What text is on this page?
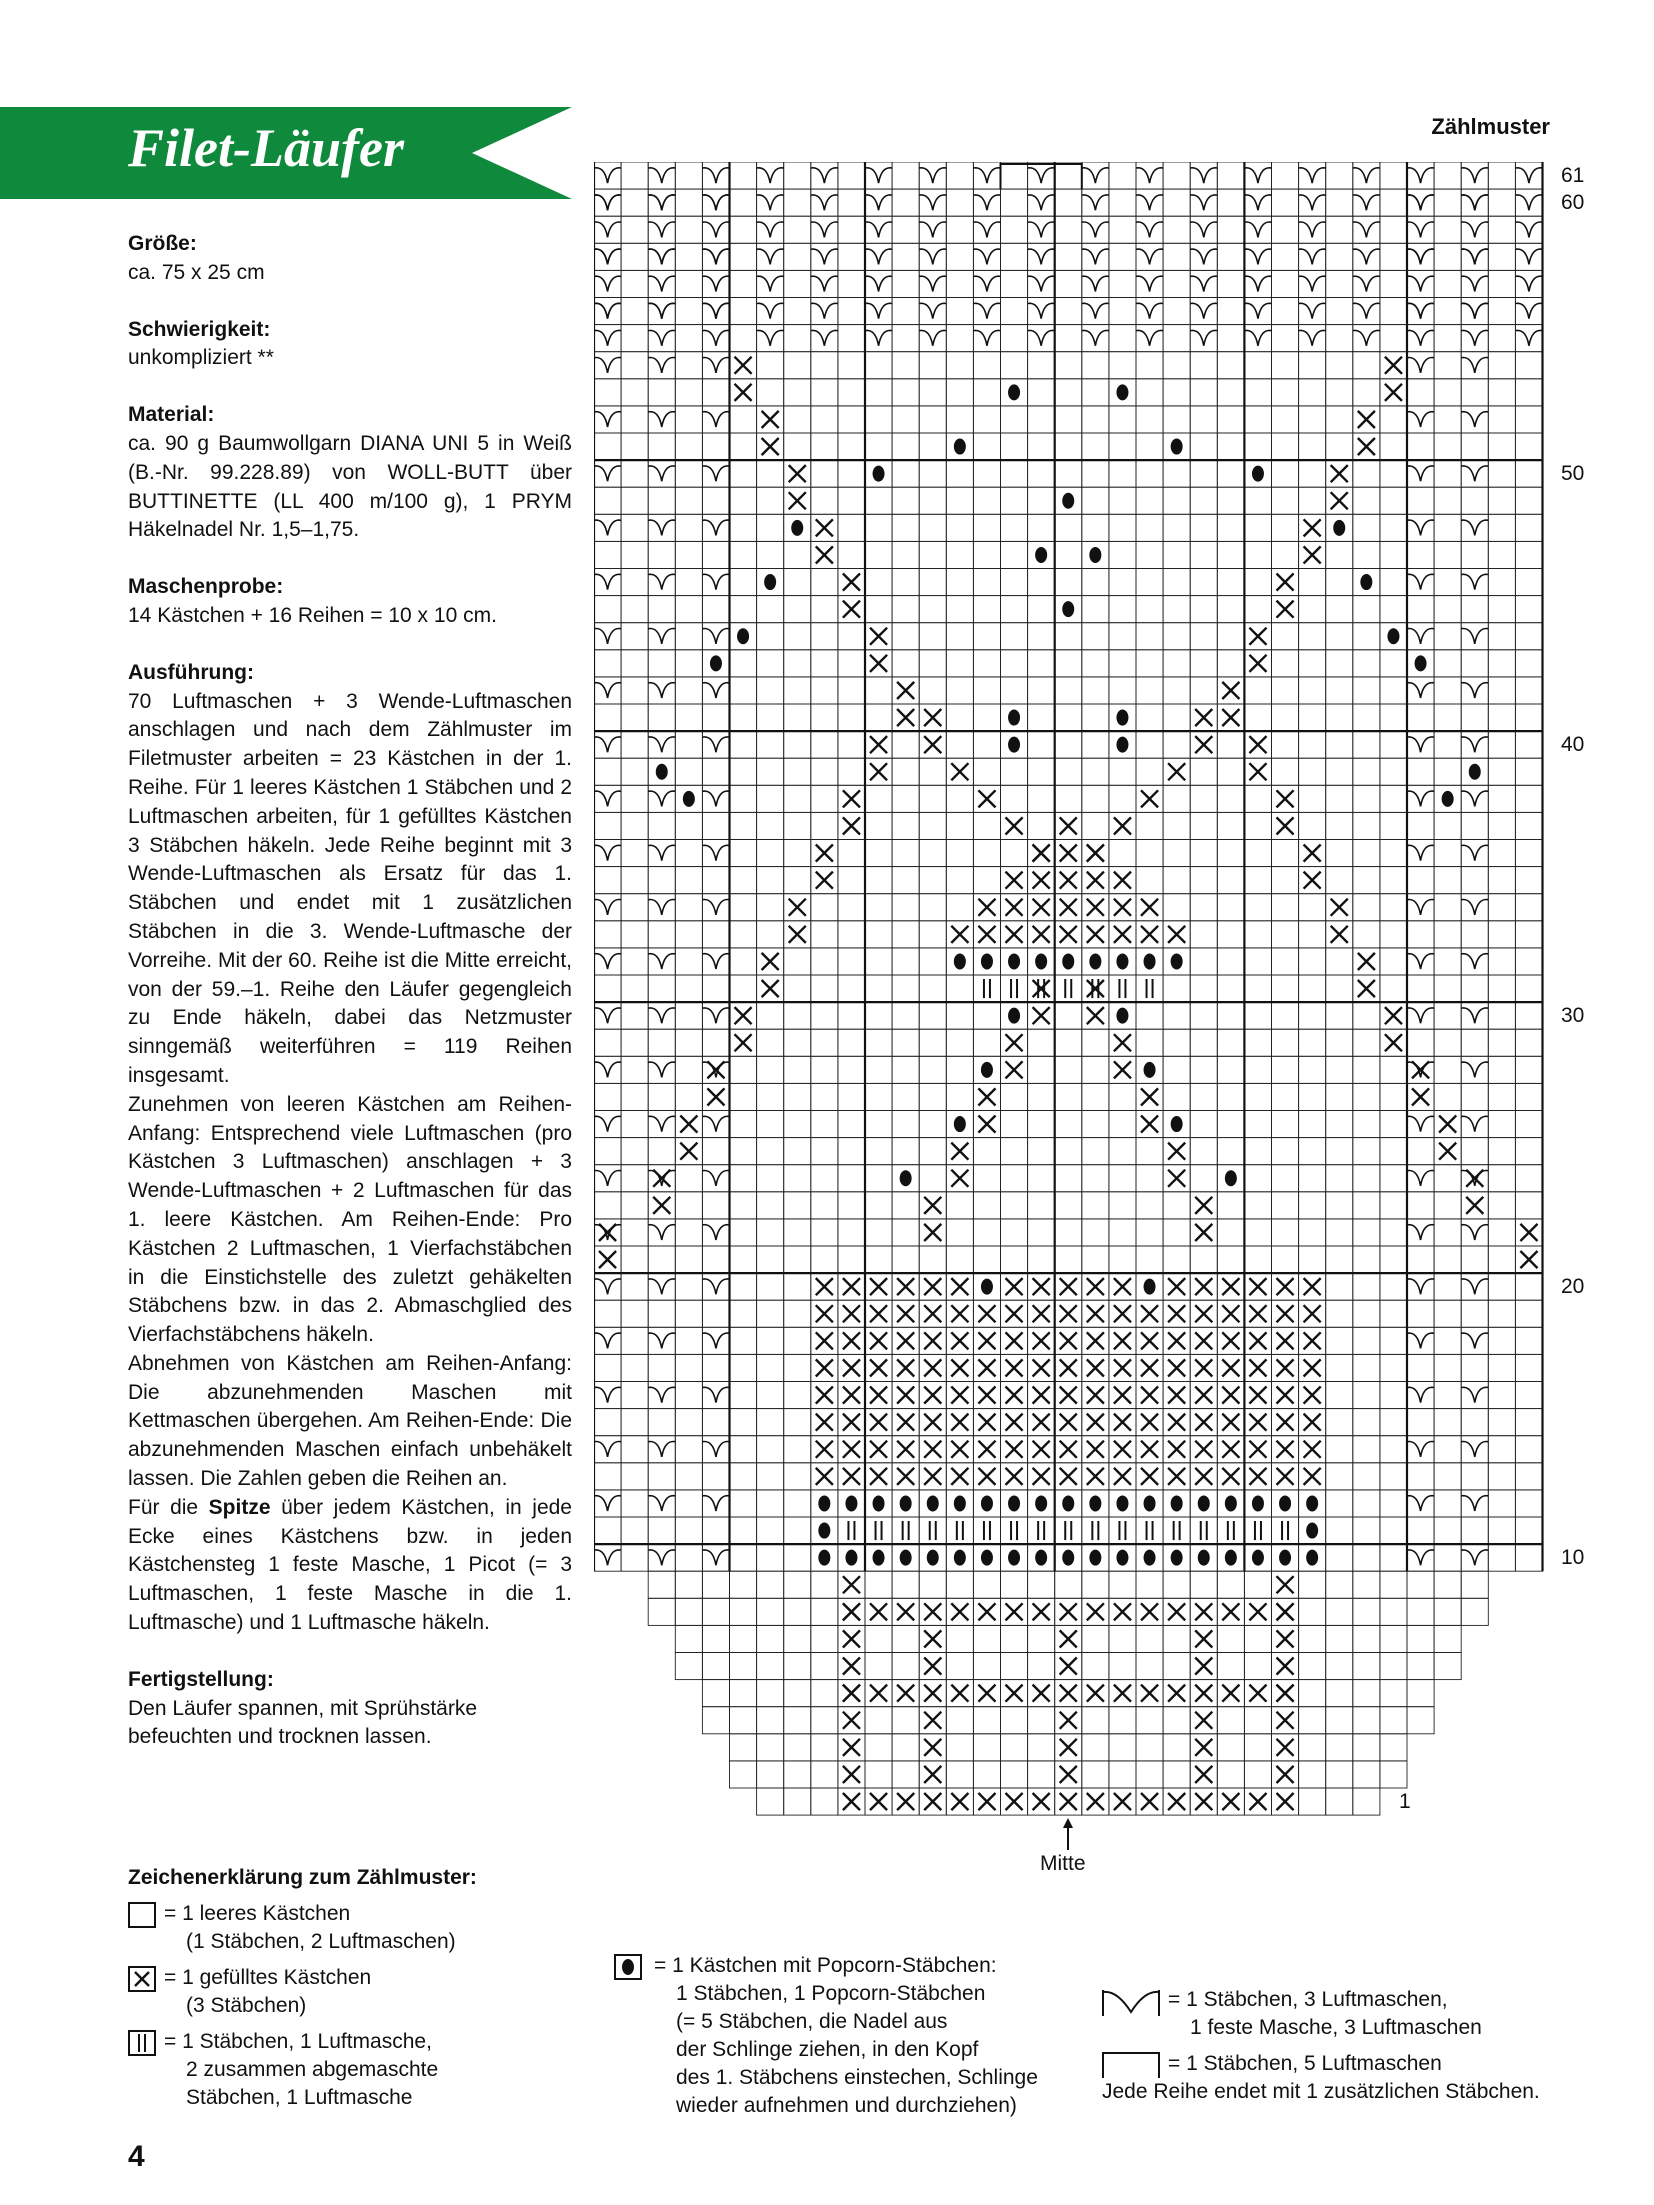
Filet-Läufer
Größe:
ca. 75 x 25 cm
Schwierigkeit:
unkompliziert **
Material:
ca. 90 g Baumwollgarn DIANA UNI 5 in Weiß (B.-Nr. 99.228.89) von WOLL-BUTT über BUTTINETTE (LL 400 m/100 g), 1 PRYM Häkelnadel Nr. 1,5–1,75.
Maschenprobe:
14 Kästchen + 16 Reihen = 10 x 10 cm.
Ausführung:

70 Luftmaschen + 3 Wende-Luftmaschen anschlagen und nach dem Zählmuster im Filetmuster arbeiten = 23 Kästchen in der 1. Reihe. Für 1 leeres Kästchen 1 Stäbchen und 2 Luftmaschen arbeiten, für 1 gefülltes Kästchen 3 Stäbchen häkeln. Jede Reihe beginnt mit 3 Wende-Luftmaschen als Ersatz für das 1. Stäbchen und endet mit 1 zusätzlichen Stäbchen in die 3. Wende-Luftmasche der Vorreihe. Mit der 60. Reihe ist die Mitte erreicht, von der 59.–1. Reihe den Läufer gegengleich zu Ende häkeln, dabei das Netzmuster sinngemäß weiterführen = 119 Reihen insgesamt.

Zunehmen von leeren Kästchen am Reihen-Anfang: Entsprechend viele Luftmaschen (pro Kästchen 3 Luftmaschen) anschlagen + 3 Wende-Luftmaschen + 2 Luftmaschen für das 1. leere Kästchen. Am Reihen-Ende: Pro Kästchen 2 Luftmaschen, 1 Vierfachstäbchen in die Einstichstelle des zuletzt gehäkelten Stäbchens bzw. in das 2. Abmaschglied des Vierfachstäbchens häkeln.

Abnehmen von Kästchen am Reihen-Anfang: Die abzunehmenden Maschen mit Kettmaschen übergehen. Am Reihen-Ende: Die abzunehmenden Maschen einfach unbehäkelt lassen. Die Zahlen geben die Reihen an.

Für die Spitze über jedem Kästchen, in jede Ecke eines Kästchens bzw. in jeden Kästchensteg 1 feste Masche, 1 Picot (= 3 Luftmaschen, 1 feste Masche in die 1. Luftmasche) und 1 Luftmasche häkeln.

Fertigstellung:
Den Läufer spannen, mit Sprühstärke befeuchten und trocknen lassen.
Zählmuster
61
60
50
40
30
20
10
1
Mitte
Zeichenerklärung zum Zählmuster:
= 1 leeres Kästchen
(1 Stäbchen, 2 Luftmaschen)
= 1 gefülltes Kästchen
(3 Stäbchen)
= 1 Stäbchen, 1 Luftmasche,
2 zusammen abgemaschte
Stäbchen, 1 Luftmasche
= 1 Kästchen mit Popcorn-Stäbchen:
1 Stäbchen, 1 Popcorn-Stäbchen
(= 5 Stäbchen, die Nadel aus
der Schlinge ziehen, in den Kopf
des 1. Stäbchens einstechen, Schlinge
wieder aufnehmen und durchziehen)
= 1 Stäbchen, 3 Luftmaschen,
1 feste Masche, 3 Luftmaschen
= 1 Stäbchen, 5 Luftmaschen
Jede Reihe endet mit 1 zusätzlichen Stäbchen.
4
